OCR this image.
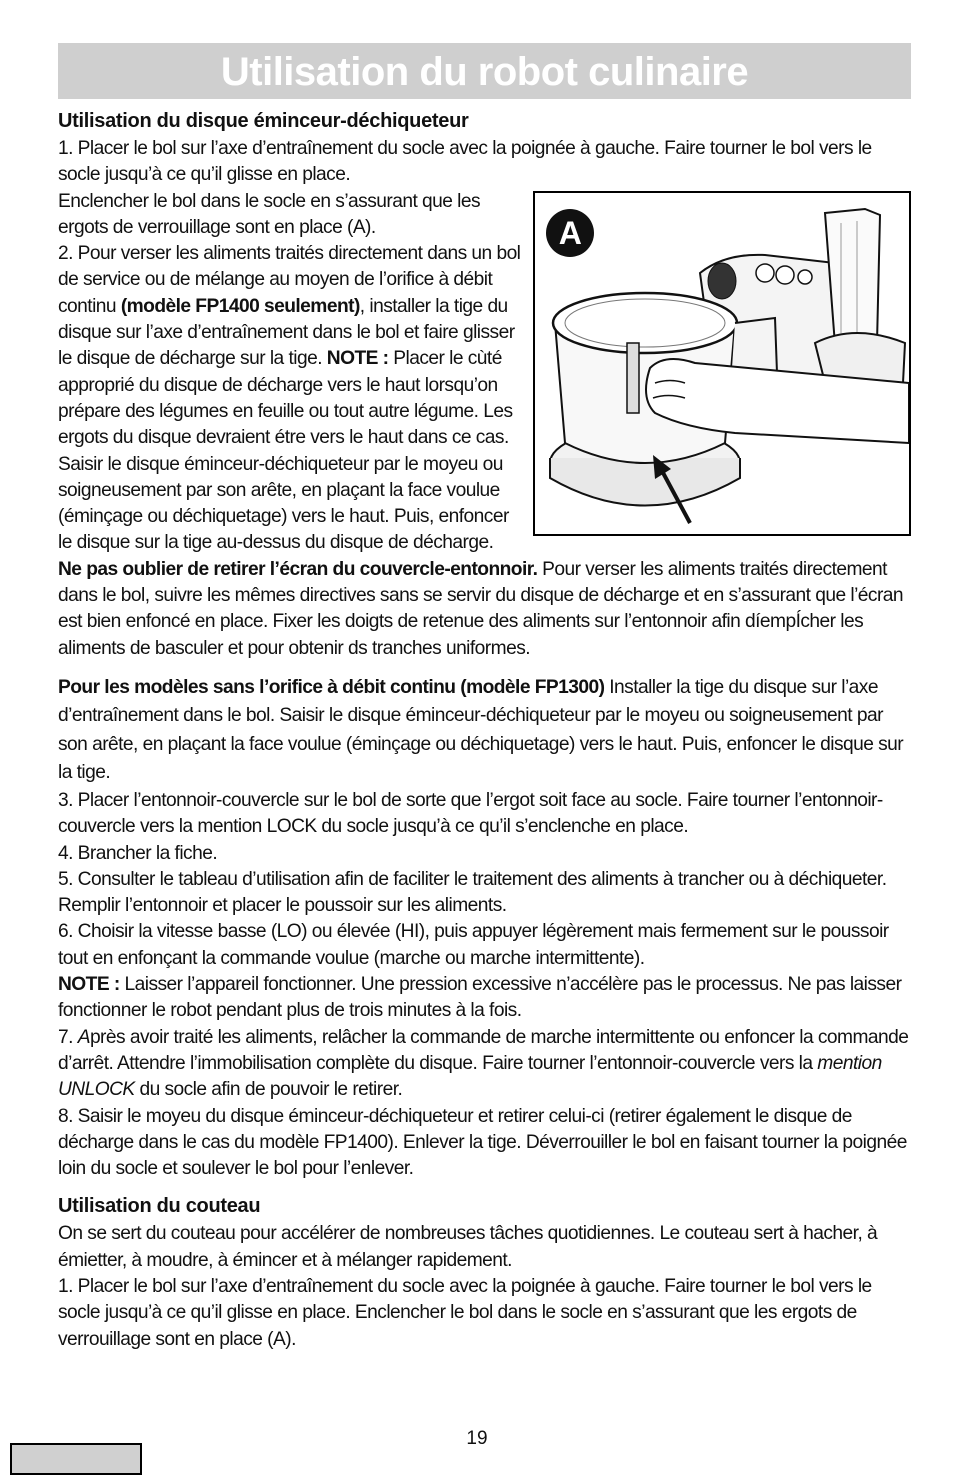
Utilisation du robot culinaire
Utilisation du disque éminceur-déchiqueteur

1. Placer le bol sur l’axe d’entraînement du socle avec la poignée à gauche. Faire tourner le bol vers le socle jusqu’à ce qu’il glisse en place.

A

Enclencher le bol dans le socle en s’assurant que les ergots de verrouillage sont en place (A).

2. Pour verser les aliments traités directement dans un bol de service ou de mélange au moyen de l’orifice à débit continu (modèle FP1400 seulement), installer la tige du disque sur l’axe d’entraînement dans le bol et faire glisser le disque de décharge sur la tige. NOTE : Placer le cùté approprié du disque de décharge vers le haut lorsqu’on prépare des légumes en feuille ou tout autre légume. Les ergots du disque devraient étre vers le haut dans ce cas. Saisir le disque éminceur-déchiqueteur par le moyeu ou soigneusement par son arête, en plaçant la face voulue (éminçage ou déchiquetage) vers le haut. Puis, enfoncer le disque sur la tige au-dessus du disque de décharge. Ne pas oublier de retirer l’écran du couvercle-entonnoir. Pour verser les aliments traités directement dans le bol, suivre les mêmes directives sans se servir du disque de décharge et en s’assurant que l’écran est bien enfoncé en place. Fixer les doigts de retenue des aliments sur l’entonnoir afin díempÍcher les aliments de basculer et pour obtenir ds tranches uniformes.

Pour les modèles sans l’orifice à débit continu (modèle FP1300) Installer la tige du disque sur l’axe d’entraînement dans le bol. Saisir le disque éminceur-déchiqueteur par le moyeu ou soigneusement par son arête, en plaçant la face voulue (éminçage ou déchiquetage) vers le haut. Puis, enfoncer le disque sur la tige.

3. Placer l’entonnoir-couvercle sur le bol de sorte que l’ergot soit face au socle. Faire tourner l’entonnoir-couvercle vers la mention LOCK du socle jusqu’à ce qu’il s’enclenche en place.

4. Brancher la fiche.

5. Consulter le tableau d’utilisation afin de faciliter le traitement des aliments à trancher ou à déchiqueter. Remplir l’entonnoir et placer le poussoir sur les aliments.

6. Choisir la vitesse basse (LO) ou élevée (HI), puis appuyer légèrement mais fermement sur le poussoir tout en enfonçant la commande voulue (marche ou marche intermittente).

NOTE : Laisser l’appareil fonctionner. Une pression excessive n’accélère pas le processus. Ne pas laisser fonctionner le robot pendant plus de trois minutes à la fois.

7. Après avoir traité les aliments, relâcher la commande de marche intermittente ou enfoncer la commande d’arrêt. Attendre l’immobilisation complète du disque. Faire tourner l’entonnoir-couvercle vers la mention UNLOCK du socle afin de pouvoir le retirer.

8. Saisir le moyeu du disque éminceur-déchiqueteur et retirer celui-ci (retirer également le disque de décharge dans le cas du modèle FP1400). Enlever la tige. Déverrouiller le bol en faisant tourner la poignée loin du socle et soulever le bol pour l’enlever.

Utilisation du couteau

On se sert du couteau pour accélérer de nombreuses tâches quotidiennes. Le couteau sert à hacher, à émietter, à moudre, à émincer et à mélanger rapidement.

1. Placer le bol sur l’axe d’entraînement du socle avec la poignée à gauche. Faire tourner le bol vers le socle jusqu’à ce qu’il glisse en place. Enclencher le bol dans le socle en s’assurant que les ergots de verrouillage sont en place (A).

19
